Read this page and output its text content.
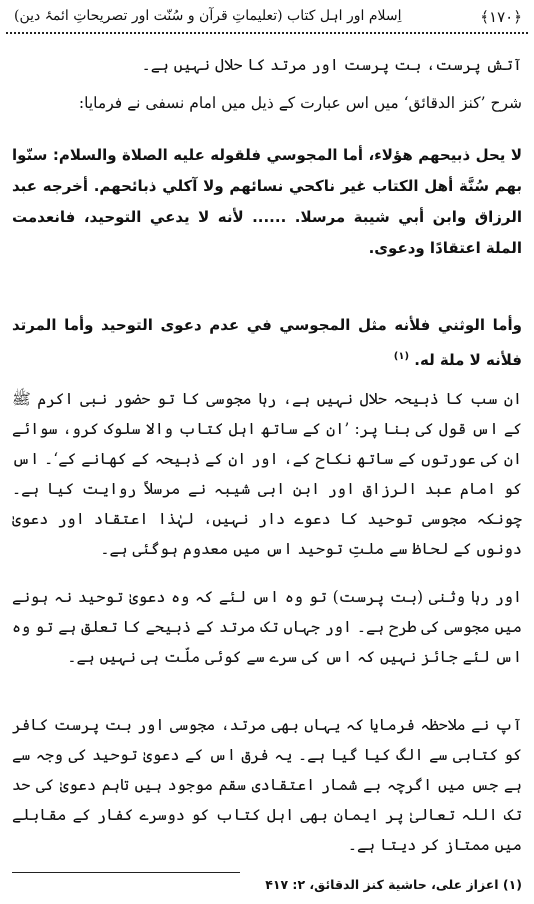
﴿۱۷۰﴾
اِسلام اور اہل کتاب (تعلیماتِ قرآن و سُنّت اور تصریحاتِ ائمۂ دین)
آتش پرست، بت پرست اور مرتد کا حلال نہیں ہے۔
شرح ’کنز الدقائق‘ میں اس عبارت کے ذیل میں امام نسفی نے فرمایا:
لا يحل ذبيحهم هؤلاء، أما المجوسي فلقوله عليه الصلاة والسلام: سنّوا بهم سُنَّة أهل الكتاب غير ناكحي نسائهم ولا آكلي ذبائحهم. أخرجه عبد الرزاق وابن أبي شيبة مرسلا. ...... لأنه لا يدعي التوحيد، فانعدمت الملة اعتقادًا ودعوى.
وأما الوثني فلأنه مثل المجوسي في عدم دعوى التوحيد وأما المرتد فلأنه لا ملة له. $^{(۱)}$
ان سب کا ذبیحہ حلال نہیں ہے، رہا مجوسی کا تو حضور نبی اکرم ﷺ کے اس قول کی بنا پر: ’ان کے ساتھ اہل کتاب والا سلوک کرو، سوائے ان کی عورتوں کے ساتھ نکاح کے، اور ان کے ذبیحہ کے کھانے کے‘۔ اس کو امام عبد الرزاق اور ابن ابی شیبہ نے مرسلاً روایت کیا ہے۔ چونکہ مجوسی توحید کا دعوے دار نہیں، لہٰذا اعتقاد اور دعویٰ دونوں کے لحاظ سے ملتِ توحید اس میں معدوم ہوگئی ہے۔
اور رہا وثنی (بت پرست) تو وہ اس لئے کہ وہ دعویٰ توحید نہ ہونے میں مجوسی کی طرح ہے۔ اور جہاں تک مرتد کے ذبیحے کا تعلق ہے تو وہ اس لئے جائز نہیں کہ اس کی سرے سے کوئی ملّت ہی نہیں ہے۔
آپ نے ملاحظہ فرمایا کہ یہاں بھی مرتد، مجوسی اور بت پرست کافر کو کتابی سے الگ کیا گیا ہے۔ یہ فرق اس کے دعویٰ توحید کی وجہ سے ہے جس میں اگرچہ بے شمار اعتقادی سقم موجود ہیں تاہم دعویٰ کی حد تک اللہ تعالیٰ پر ایمان بھی اہل کتاب کو دوسرے کفار کے مقابلے میں ممتاز کر دیتا ہے۔
(۱) اعزاز علی، حاشية كنز الدقائق، ۲: ۴۱۷
